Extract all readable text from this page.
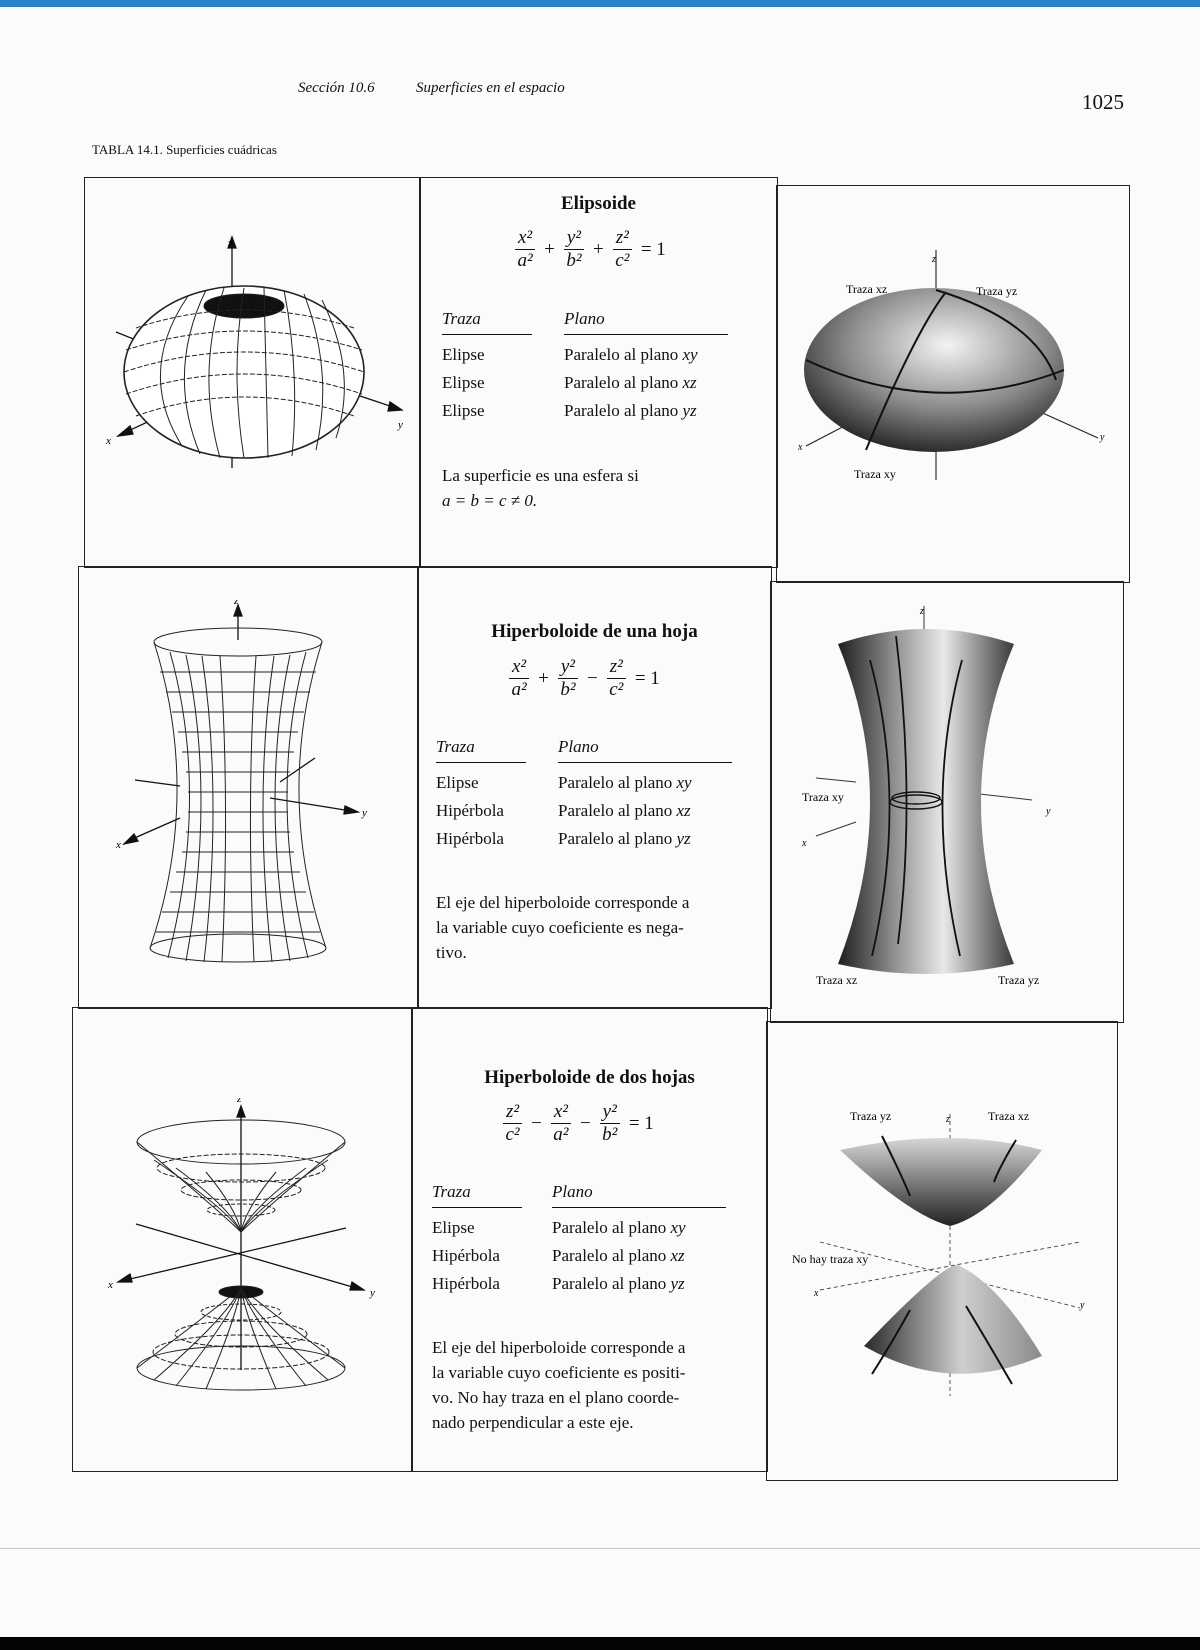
Sección 10.6	Superficies en el espacio
1025
TABLA 14.1. Superficies cuádricas
x
y
z
Elipsoide
$\frac{\text{x²}}{\text{a²}} + \frac{\text{y²}}{\text{b²}} + \frac{\text{z²}}{\text{c²}} = 1$
Traza	Plano
Elipse	Paralelo al plano xy
Elipse	Paralelo al plano xz
Elipse	Paralelo al plano yz
La superficie es una esfera si
a = b = c ≠ 0.
Traza xz	Traza yz
Traza xy
x
y
z
x
y
z
Hiperboloide de una hoja
$\frac{\text{x²}}{\text{a²}} + \frac{\text{y²}}{\text{b²}} - \frac{\text{z²}}{\text{c²}} = 1$
Traza	Plano
Elipse	Paralelo al plano xy
Hipérbola	Paralelo al plano xz
Hipérbola	Paralelo al plano yz
El eje del hiperboloide corresponde a
la variable cuyo coeficiente es nega-
tivo.
Traza xy
Traza xz	Traza yz
x
y
z
x
y
z
Hiperboloide de dos hojas
$\frac{\text{z²}}{\text{c²}} - \frac{\text{x²}}{\text{a²}} - \frac{\text{y²}}{\text{b²}} = 1$
Traza	Plano
Elipse	Paralelo al plano xy
Hipérbola	Paralelo al plano xz
Hipérbola	Paralelo al plano yz
El eje del hiperboloide corresponde a
la variable cuyo coeficiente es positi-
vo. No hay traza en el plano coorde-
nado perpendicular a este eje.
Traza yz	Traza xz
No hay traza xy
x
y
z
